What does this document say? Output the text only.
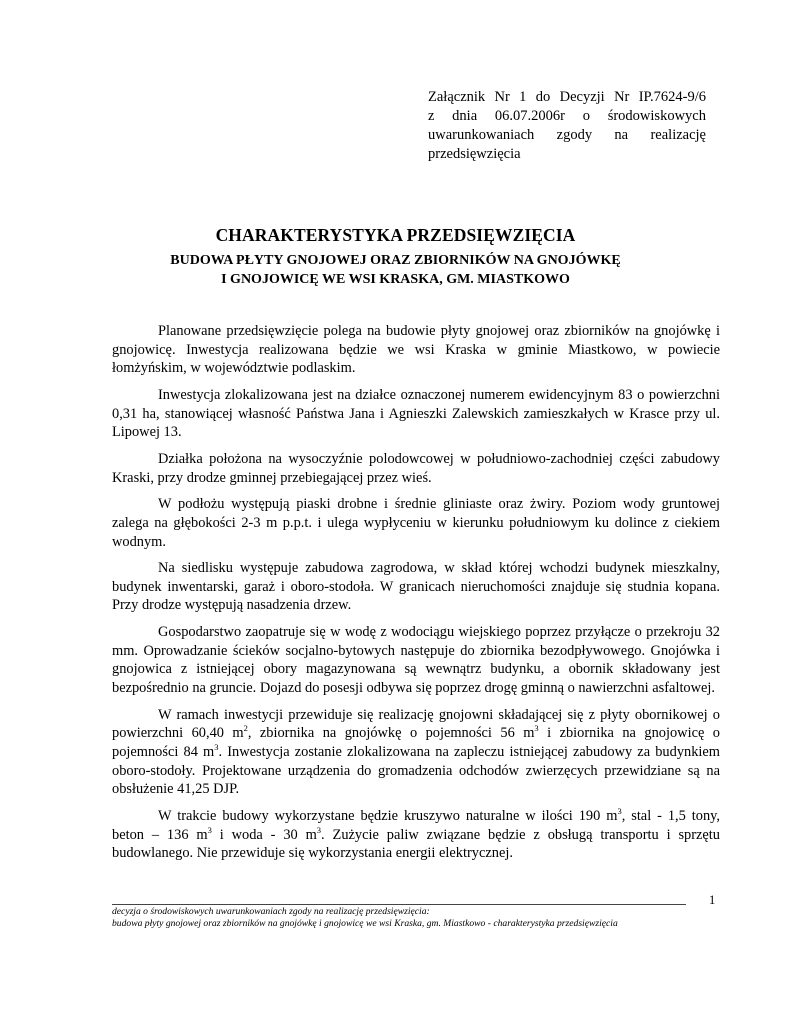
Załącznik Nr 1 do Decyzji Nr IP.7624-9/6

z dnia 06.07.2006r o środowiskowych

uwarunkowaniach zgody na realizację

przedsięwzięcia

CHARAKTERYSTYKA PRZEDSIĘWZIĘCIA
BUDOWA PŁYTY GNOJOWEJ ORAZ ZBIORNIKÓW NA GNOJÓWKĘ
I GNOJOWICĘ WE WSI KRASKA, GM. MIASTKOWO

Planowane przedsięwzięcie polega na budowie płyty gnojowej oraz zbiorników na gnojówkę i gnojowicę. Inwestycja realizowana będzie we wsi Kraska w gminie Miastkowo, w powiecie łomżyńskim, w województwie podlaskim.

Inwestycja zlokalizowana jest na działce oznaczonej numerem ewidencyjnym 83 o powierzchni 0,31 ha, stanowiącej własność Państwa Jana i Agnieszki Zalewskich zamieszkałych w Krasce przy ul. Lipowej 13.

Działka położona na wysoczyźnie polodowcowej w południowo-zachodniej części zabudowy Kraski, przy drodze gminnej przebiegającej przez wieś.

W podłożu występują piaski drobne i średnie gliniaste oraz żwiry. Poziom wody gruntowej zalega na głębokości 2-3 m p.p.t. i ulega wypłyceniu w kierunku południowym ku dolince z ciekiem wodnym.

Na siedlisku występuje zabudowa zagrodowa, w skład której wchodzi budynek mieszkalny, budynek inwentarski, garaż i oboro-stodoła. W granicach nieruchomości znajduje się studnia kopana. Przy drodze występują nasadzenia drzew.

Gospodarstwo zaopatruje się w wodę z wodociągu wiejskiego poprzez przyłącze o przekroju 32 mm. Oprowadzanie ścieków socjalno-bytowych następuje do zbiornika bezodpływowego. Gnojówka i gnojowica z istniejącej obory magazynowana są wewnątrz budynku, a obornik składowany jest bezpośrednio na gruncie. Dojazd do posesji odbywa się poprzez drogę gminną o nawierzchni asfaltowej.

W ramach inwestycji przewiduje się realizację gnojowni składającej się z płyty obornikowej o powierzchni 60,40 $m^2$, zbiornika na gnojówkę o pojemności 56 $m^3$ i zbiornika na gnojowicę o pojemności 84 $m^3$. Inwestycja zostanie zlokalizowana na zapleczu istniejącej zabudowy za budynkiem oboro-stodoły. Projektowane urządzenia do gromadzenia odchodów zwierzęcych przewidziane są na obsłużenie 41,25 DJP.

W trakcie budowy wykorzystane będzie kruszywo naturalne w ilości 190 $m^3$, stal - 1,5 tony, beton – 136 $m^3$ i woda - 30 $m^3$. Zużycie paliw związane będzie z obsługą transportu i sprzętu budowlanego. Nie przewiduje się wykorzystania energii elektrycznej.

1
decyzja o środowiskowych uwarunkowaniach zgody na realizację przedsięwzięcia:
budowa płyty gnojowej oraz zbiorników na gnojówkę i gnojowicę we wsi Kraska, gm. Miastkowo - charakterystyka przedsięwzięcia
